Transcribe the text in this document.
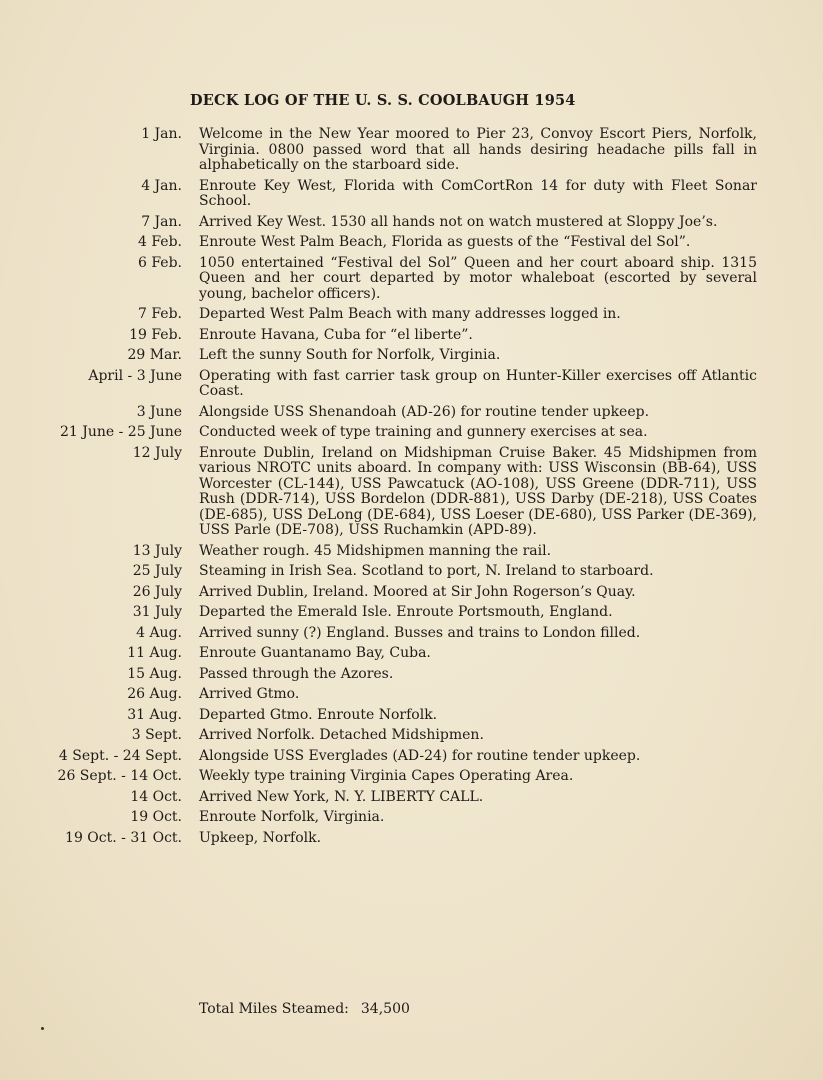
DECK LOG OF THE U. S. S. COOLBAUGH 1954
1 Jan. Welcome in the New Year moored to Pier 23, Convoy Escort Piers, Norfolk, Virginia. 0800 passed word that all hands desiring headache pills fall in alphabetically on the starboard side.
4 Jan. Enroute Key West, Florida with ComCortRon 14 for duty with Fleet Sonar School.
7 Jan. Arrived Key West. 1530 all hands not on watch mustered at Sloppy Joe’s.
4 Feb. Enroute West Palm Beach, Florida as guests of the “Festival del Sol”.
6 Feb. 1050 entertained “Festival del Sol” Queen and her court aboard ship. 1315 Queen and her court departed by motor whaleboat (escorted by several young, bachelor officers).
7 Feb. Departed West Palm Beach with many addresses logged in.
19 Feb. Enroute Havana, Cuba for “el liberte”.
29 Mar. Left the sunny South for Norfolk, Virginia.
April - 3 June Operating with fast carrier task group on Hunter-Killer exercises off Atlantic Coast.
3 June Alongside USS Shenandoah (AD-26) for routine tender upkeep.
21 June - 25 June Conducted week of type training and gunnery exercises at sea.
12 July Enroute Dublin, Ireland on Midshipman Cruise Baker. 45 Midshipmen from various NROTC units aboard. In company with: USS Wisconsin (BB-64), USS Worcester (CL-144), USS Pawcatuck (AO-108), USS Greene (DDR-711), USS Rush (DDR-714), USS Bordelon (DDR-881), USS Darby (DE-218), USS Coates (DE-685), USS DeLong (DE-684), USS Loeser (DE-680), USS Parker (DE-369), USS Parle (DE-708), USS Ruchamkin (APD-89).
13 July Weather rough. 45 Midshipmen manning the rail.
25 July Steaming in Irish Sea. Scotland to port, N. Ireland to starboard.
26 July Arrived Dublin, Ireland. Moored at Sir John Rogerson’s Quay.
31 July Departed the Emerald Isle. Enroute Portsmouth, England.
4 Aug. Arrived sunny (?) England. Busses and trains to London filled.
11 Aug. Enroute Guantanamo Bay, Cuba.
15 Aug. Passed through the Azores.
26 Aug. Arrived Gtmo.
31 Aug. Departed Gtmo. Enroute Norfolk.
3 Sept. Arrived Norfolk. Detached Midshipmen.
4 Sept. - 24 Sept. Alongside USS Everglades (AD-24) for routine tender upkeep.
26 Sept. - 14 Oct. Weekly type training Virginia Capes Operating Area.
14 Oct. Arrived New York, N. Y. LIBERTY CALL.
19 Oct. Enroute Norfolk, Virginia.
19 Oct. - 31 Oct. Upkeep, Norfolk.
Total Miles Steamed: 34,500
